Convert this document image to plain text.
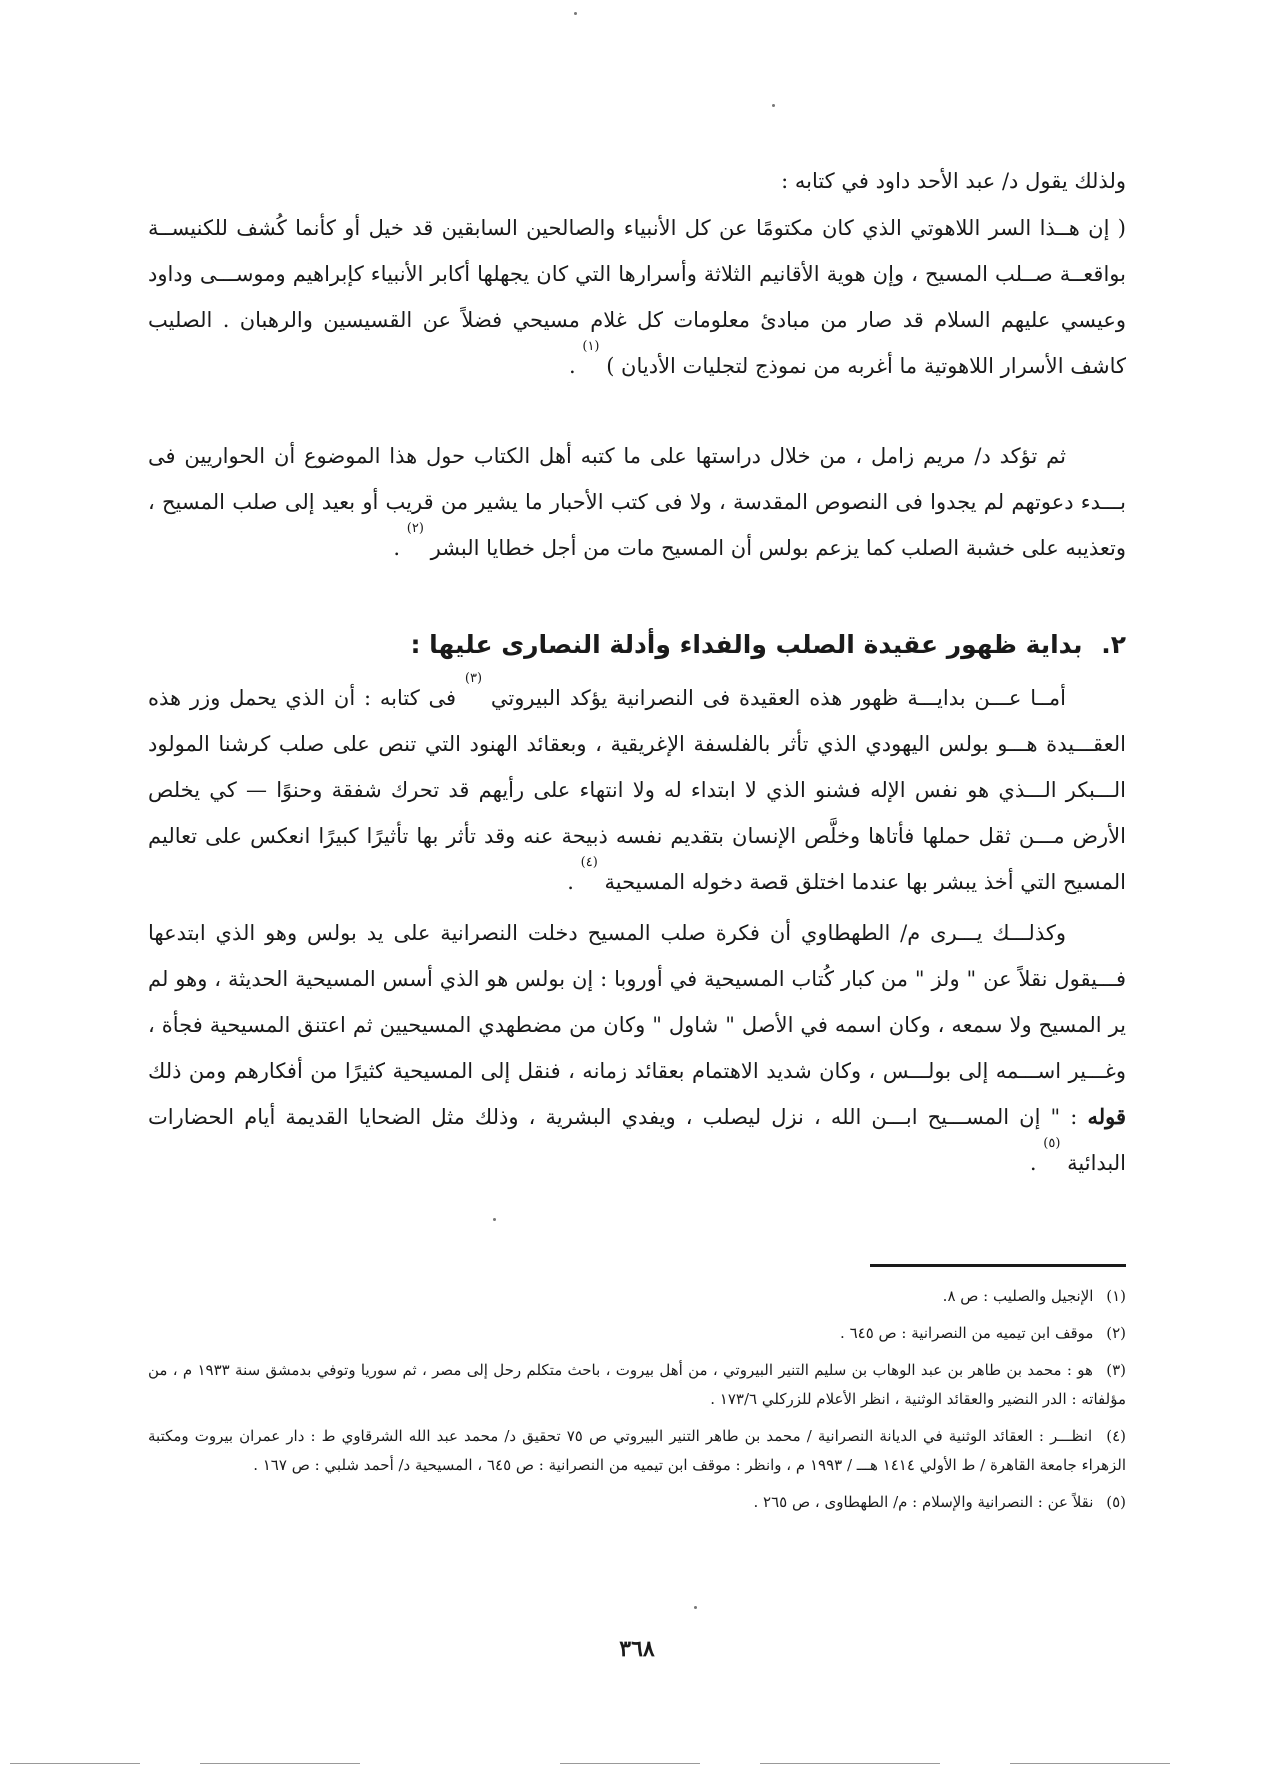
ولذلك يقول د/ عبد الأحد داود في كتابه :

( إن هــذا السر اللاهوتي الذي كان مكتومًا عن كل الأنبياء والصالحين السابقين قد خيل أو كأنما كُشف للكنيســة بواقعــة صــلب المسيح ، وإن هوية الأقانيم الثلاثة وأسرارها التي كان يجهلها أكابر الأنبياء كإبراهيم وموســـى وداود وعيسي عليهم السلام قد صار من مبادئ معلومات كل غلام مسيحي فضلاً عن القسيسين والرهبان . الصليب كاشف الأسرار اللاهوتية ما أغربه من نموذج لتجليات الأديان ) $^{(١)}$ .

ثم تؤكد د/ مريم زامل ، من خلال دراستها على ما كتبه أهل الكتاب حول هذا الموضوع أن الحواريين فى بـــدء دعوتهم لم يجدوا فى النصوص المقدسة ، ولا فى كتب الأحبار ما يشير من قريب أو بعيد إلى صلب المسيح ، وتعذيبه على خشبة الصلب كما يزعم بولس أن المسيح مات من أجل خطايا البشر $^{(٢)}$ .

٢. بداية ظهور عقيدة الصلب والفداء وأدلة النصارى عليها :

أمــا عـــن بدايـــة ظهور هذه العقيدة فى النصرانية يؤكد البيروتي $^{(٣)}$ فى كتابه : أن الذي يحمل وزر هذه العقـــيدة هـــو بولس اليهودي الذي تأثر بالفلسفة الإغريقية ، وبعقائد الهنود التي تنص على صلب كرشنا المولود الـــبكر الـــذي هو نفس الإله فشنو الذي لا ابتداء له ولا انتهاء على رأيهم قد تحرك شفقة وحنوًا — كي يخلص الأرض مـــن ثقل حملها فأتاها وخلَّص الإنسان بتقديم نفسه ذبيحة عنه وقد تأثر بها تأثيرًا كبيرًا انعكس على تعاليم المسيح التي أخذ يبشر بها عندما اختلق قصة دخوله المسيحية $^{(٤)}$ .

وكذلـــك يـــرى م/ الطهطاوي أن فكرة صلب المسيح دخلت النصرانية على يد بولس وهو الذي ابتدعها فـــيقول نقلاً عن " ولز " من كبار كُتاب المسيحية في أوروبا : إن بولس هو الذي أسس المسيحية الحديثة ، وهو لم ير المسيح ولا سمعه ، وكان اسمه في الأصل " شاول " وكان من مضطهدي المسيحيين ثم اعتنق المسيحية فجأة ، وغـــير اســـمه إلى بولـــس ، وكان شديد الاهتمام بعقائد زمانه ، فنقل إلى المسيحية كثيرًا من أفكارهم ومن ذلك قوله : " إن المســـيح ابـــن الله ، نزل ليصلب ، ويفدي البشرية ، وذلك مثل الضحايا القديمة أيام الحضارات البدائية $^{(٥)}$ .

(١) الإنجيل والصليب : ص ٨.
(٢) موقف ابن تيميه من النصرانية : ص ٦٤٥ .
(٣) هو : محمد بن طاهر بن عبد الوهاب بن سليم التنير البيروتي ، من أهل بيروت ، باحث متكلم رحل إلى مصر ، ثم سوريا وتوفي بدمشق سنة ١٩٣٣ م ، من مؤلفاته : الدر النضير والعقائد الوثنية ، انظر الأعلام للزركلي ١٧٣/٦ .
(٤) انظـــر : العقائد الوثنية في الديانة النصرانية / محمد بن طاهر التنير البيروتي ص ٧٥ تحقيق د/ محمد عبد الله الشرقاوي ط : دار عمران بيروت ومكتبة الزهراء جامعة القاهرة / ط الأولي ١٤١٤ هـــ / ١٩٩٣ م ، وانظر : موقف ابن تيميه من النصرانية : ص ٦٤٥ ، المسيحية د/ أحمد شلبي : ص ١٦٧ .
(٥) نقلاً عن : النصرانية والإسلام : م/ الطهطاوى ، ص ٢٦٥ .
٣٦٨
